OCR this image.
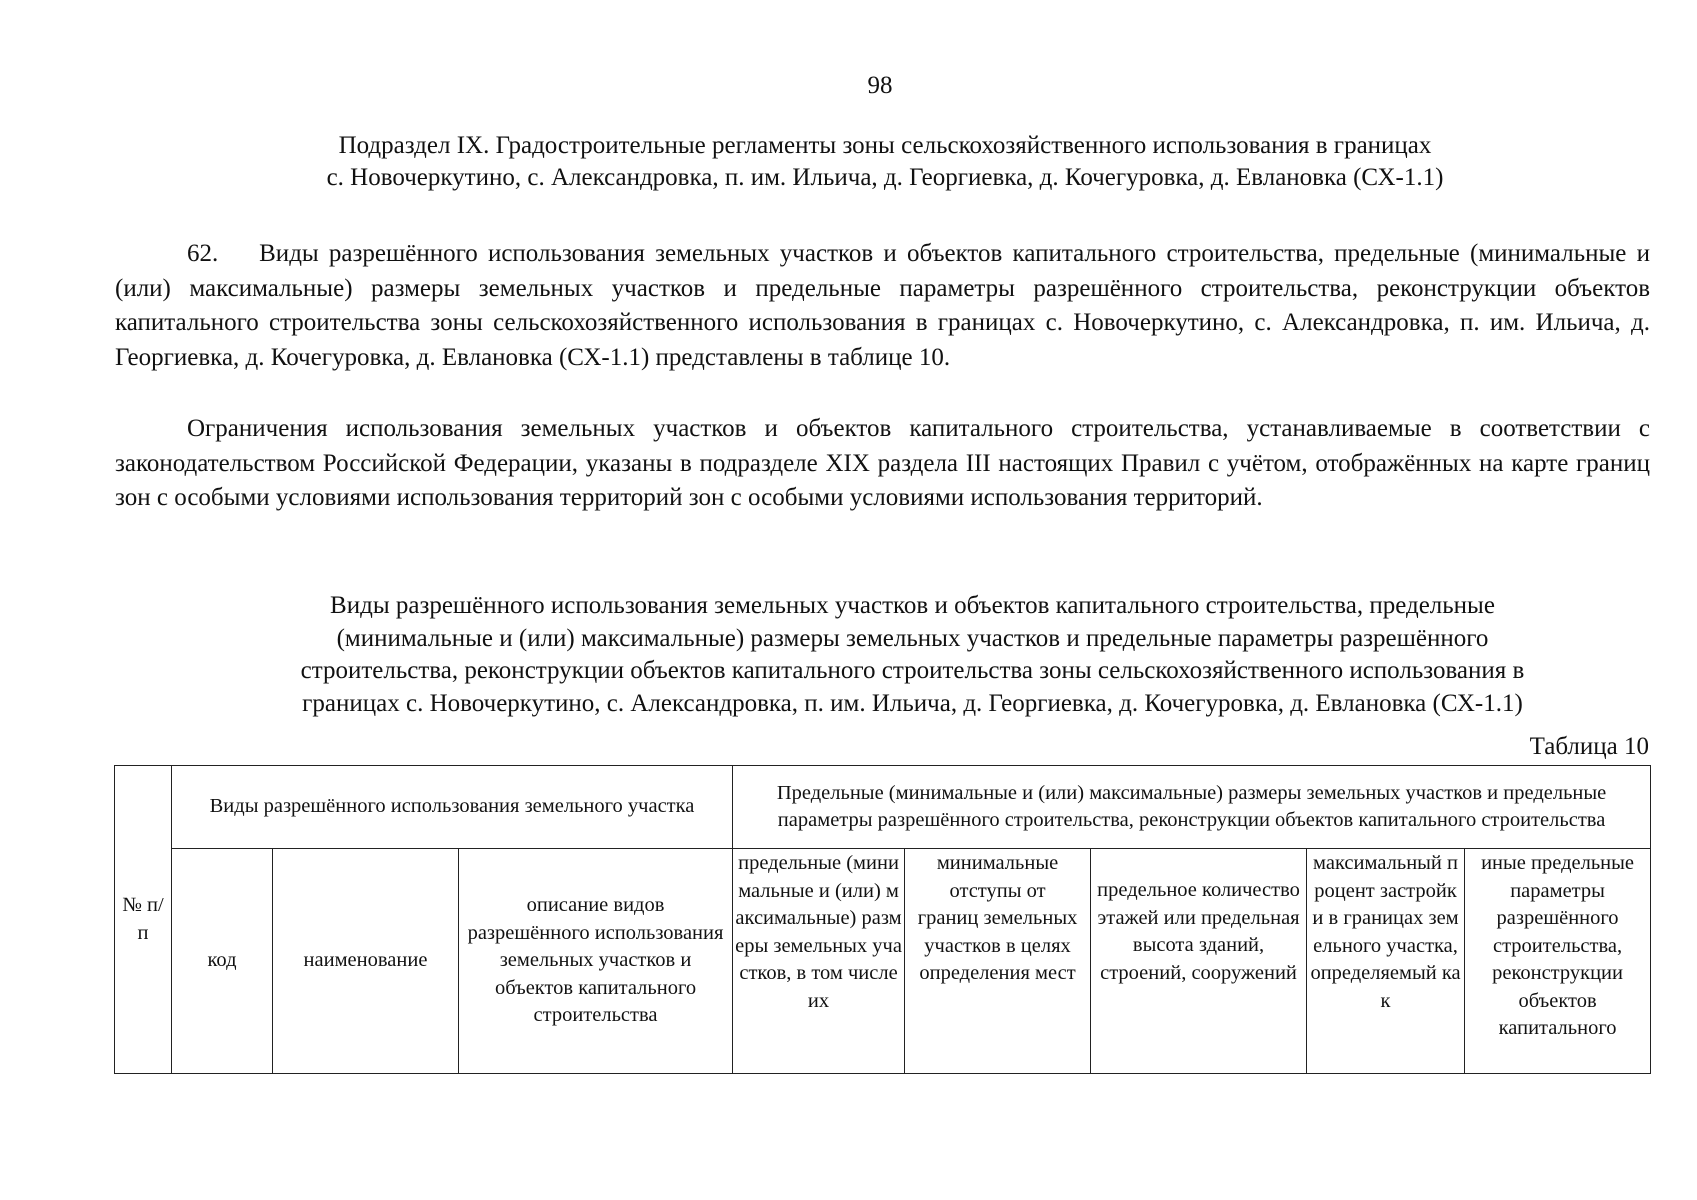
98
Подраздел IX. Градостроительные регламенты зоны сельскохозяйственного использования в границах
с. Новочеркутино, с. Александровка, п. им. Ильича, д. Георгиевка, д. Кочегуровка, д. Евлановка (СХ-1.1)
62.    Виды разрешённого использования земельных участков и объектов капитального строительства, предельные (минимальные и (или) максимальные) размеры земельных участков и предельные параметры разрешённого строительства, реконструкции объектов капитального строительства зоны сельскохозяйственного использования в границах с. Новочеркутино, с. Александровка, п. им. Ильича, д. Георгиевка, д. Кочегуровка, д. Евлановка (СХ-1.1) представлены в таблице 10.
Ограничения использования земельных участков и объектов капитального строительства, устанавливаемые в соответствии с законодательством Российской Федерации, указаны в подразделе XIX раздела III настоящих Правил с учётом, отображённых на карте границ зон с особыми условиями использования территорий зон с особыми условиями использования территорий.
Виды разрешённого использования земельных участков и объектов капитального строительства, предельные
(минимальные и (или) максимальные) размеры земельных участков и предельные параметры разрешённого
строительства, реконструкции объектов капитального строительства зоны сельскохозяйственного использования в
границах с. Новочеркутино, с. Александровка, п. им. Ильича, д. Георгиевка, д. Кочегуровка, д. Евлановка (СХ-1.1)
Таблица 10
№ п/п	Виды разрешённого использования земельного участка			Предельные (минимальные и (или) максимальные) размеры земельных участков и предельные параметры разрешённого строительства, реконструкции объектов капитального строительства				

код	наименование	описание видов разрешённого использования земельных участков и объектов капитального строительства	предельные (минимальные и (или) максимальные) размеры земельных участков, в том числе их	минимальные отступы от границ земельных участков в целях определения мест	предельное количество этажей или предельная высота зданий, строений, сооружений	максимальный процент застройки в границах земельного участка, определяемый как	иные предельные параметры разрешённого строительства, реконструкции объектов капитального
